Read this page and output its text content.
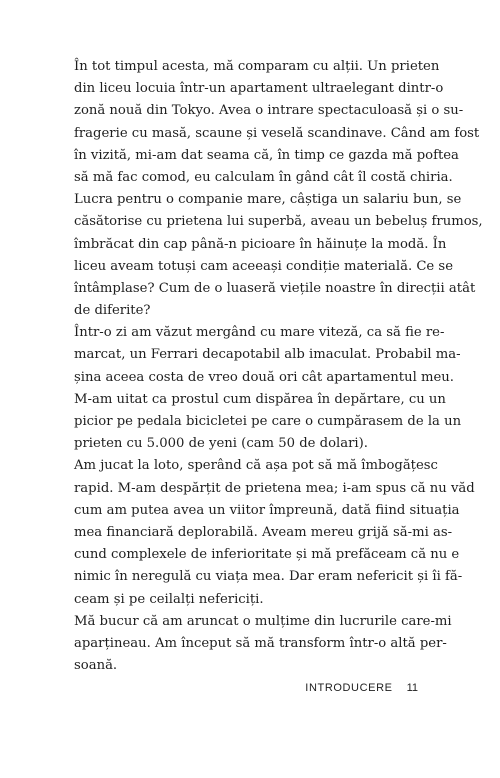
În tot timpul acesta, mă comparam cu alții. Un prieten
din liceu locuia într-un apartament ultraelegant dintr-o
zonă nouă din Tokyo. Avea o intrare spectaculoasă și o su-
fragerie cu masă, scaune și veselă scandinave. Când am fost
în vizită, mi-am dat seama că, în timp ce gazda mă poftea
să mă fac comod, eu calculam în gând cât îl costă chiria.
Lucra pentru o companie mare, câștiga un salariu bun, se
căsătorise cu prietena lui superbă, aveau un bebeluș frumos,
îmbrăcat din cap până-n picioare în hăinuțe la modă. În
liceu aveam totuși cam aceeași condiție materială. Ce se
întâmplase? Cum de o luaseră viețile noastre în direcții atât
de diferite?
Într-o zi am văzut mergând cu mare viteză, ca să fie re-
marcat, un Ferrari decapotabil alb imaculat. Probabil ma-
șina aceea costa de vreo două ori cât apartamentul meu.
M-am uitat ca prostul cum dispărea în depărtare, cu un
picior pe pedala bicicletei pe care o cumpărasem de la un
prieten cu 5.000 de yeni (cam 50 de dolari).
Am jucat la loto, sperând că așa pot să mă îmbogățesc
rapid. M-am despărțit de prietena mea; i-am spus că nu văd
cum am putea avea un viitor împreună, dată fiind situația
mea financiară deplorabilă. Aveam mereu grijă să-mi as-
cund complexele de inferioritate și mă prefăceam că nu e
nimic în neregulă cu viața mea. Dar eram nefericit și îi fă-
ceam și pe ceilalți nefericiți.
Mă bucur că am aruncat o mulțime din lucrurile care-mi
aparțineau. Am început să mă transform într-o altă per-
soană.
INTRODUCERE 11
